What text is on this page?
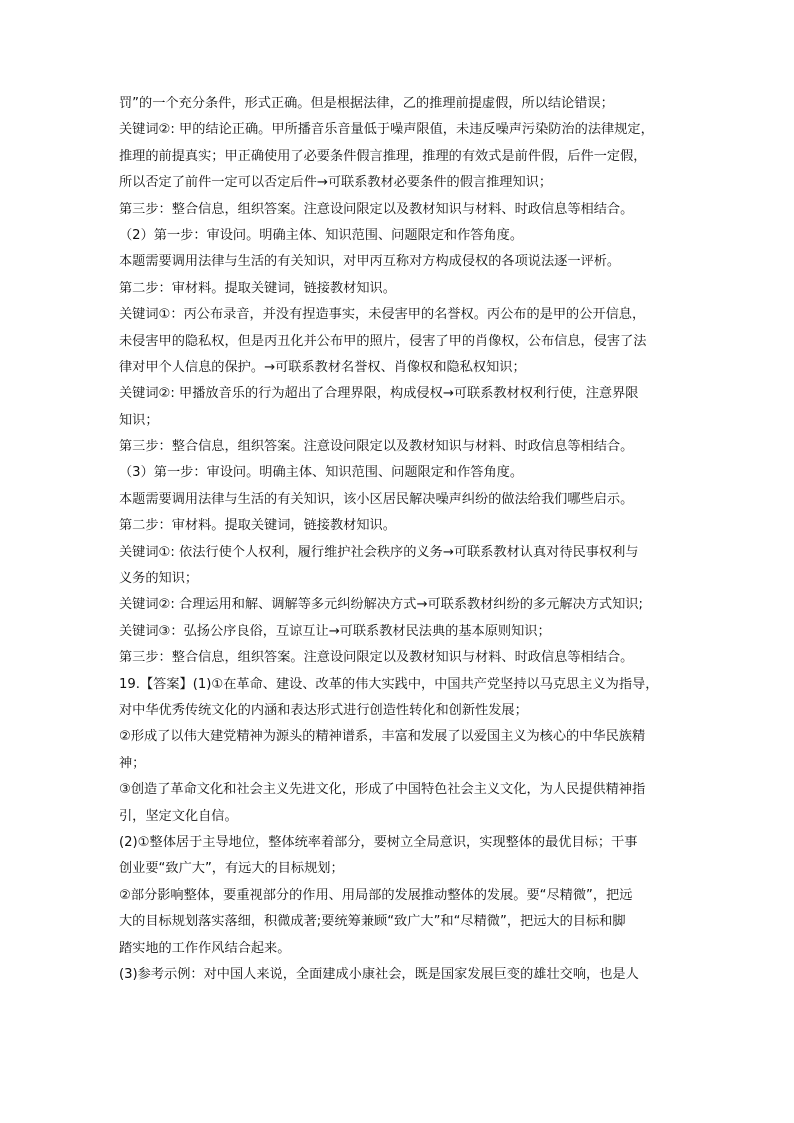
罚”的一个充分条件，形式正确。但是根据法律，乙的推理前提虚假，所以结论错误；
关键词②: 甲的结论正确。甲所播音乐音量低于噪声限值，未违反噪声污染防治的法律规定，
推理的前提真实；甲正确使用了必要条件假言推理，推理的有效式是前件假，后件一定假，
所以否定了前件一定可以否定后件→可联系教材必要条件的假言推理知识；
第三步：整合信息，组织答案。注意设问限定以及教材知识与材料、时政信息等相结合。
（2）第一步：审设问。明确主体、知识范围、问题限定和作答角度。
本题需要调用法律与生活的有关知识，对甲丙互称对方构成侵权的各项说法逐一评析。
第二步：审材料。提取关键词，链接教材知识。
关键词①：丙公布录音，并没有捏造事实，未侵害甲的名誉权。丙公布的是甲的公开信息，
未侵害甲的隐私权，但是丙丑化并公布甲的照片，侵害了甲的肖像权，公布信息，侵害了法
律对甲个人信息的保护。→可联系教材名誉权、肖像权和隐私权知识；
关键词②: 甲播放音乐的行为超出了合理界限，构成侵权→可联系教材权利行使，注意界限
知识；
第三步：整合信息，组织答案。注意设问限定以及教材知识与材料、时政信息等相结合。
（3）第一步：审设问。明确主体、知识范围、问题限定和作答角度。
本题需要调用法律与生活的有关知识，该小区居民解决噪声纠纷的做法给我们哪些启示。
第二步：审材料。提取关键词，链接教材知识。
关键词①: 依法行使个人权利，履行维护社会秩序的义务→可联系教材认真对待民事权利与
义务的知识；
关键词②: 合理运用和解、调解等多元纠纷解决方式→可联系教材纠纷的多元解决方式知识;
关键词③：弘扬公序良俗，互谅互让→可联系教材民法典的基本原则知识；
第三步：整合信息，组织答案。注意设问限定以及教材知识与材料、时政信息等相结合。
19.【答案】(1)①在革命、建设、改革的伟大实践中，中国共产党坚持以马克思主义为指导，
对中华优秀传统文化的内涵和表达形式进行创造性转化和创新性发展；
②形成了以伟大建党精神为源头的精神谱系，丰富和发展了以爱国主义为核心的中华民族精
神；
③创造了革命文化和社会主义先进文化，形成了中国特色社会主义文化，为人民提供精神指
引，坚定文化自信。
(2)①整体居于主导地位，整体统率着部分，要树立全局意识，实现整体的最优目标；干事
创业要“致广大”，有远大的目标规划；
②部分影响整体，要重视部分的作用、用局部的发展推动整体的发展。要“尽精微”，把远
大的目标规划落实落细，积微成著;要统筹兼顾“致广大”和“尽精微”，把远大的目标和脚
踏实地的工作作风结合起来。
(3)参考示例：对中国人来说，全面建成小康社会，既是国家发展巨变的雄壮交响，也是人
